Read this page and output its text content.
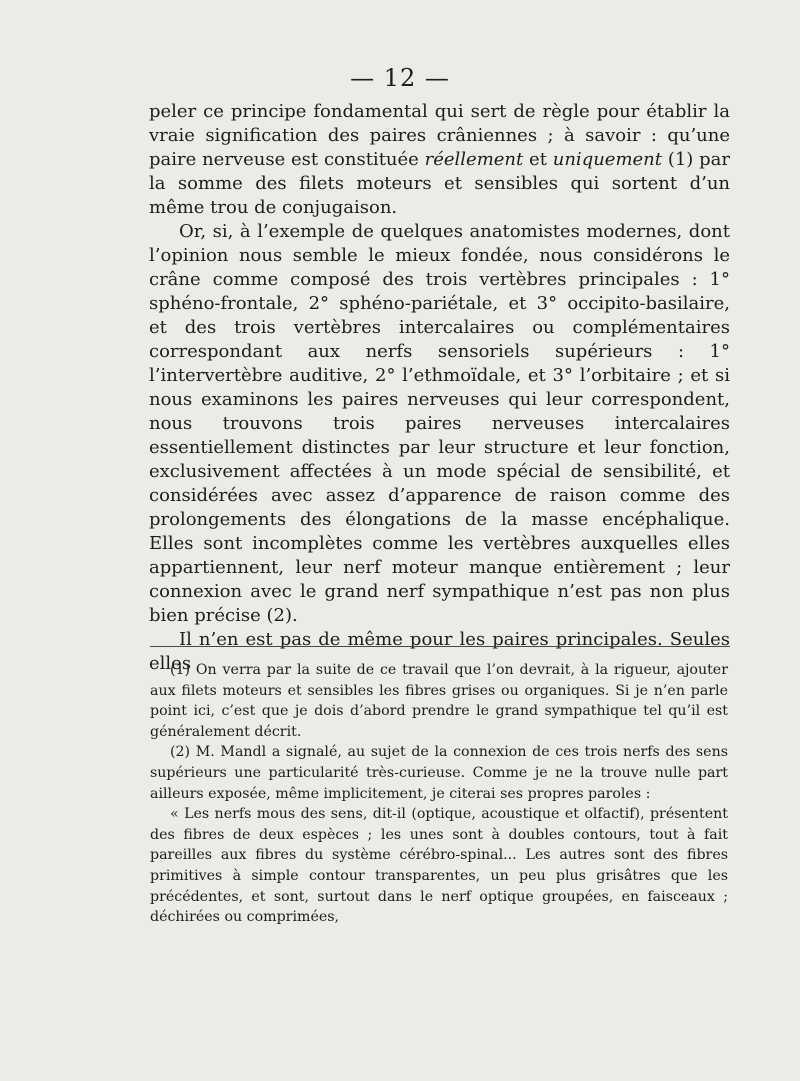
— 12 —

peler ce principe fondamental qui sert de règle pour établir la vraie signification des paires crâniennes ; à savoir : qu’une paire nerveuse est constituée réellement et uniquement (1) par la somme des filets moteurs et sensibles qui sortent d’un même trou de conjugaison.

Or, si, à l’exemple de quelques anatomistes modernes, dont l’opinion nous semble le mieux fondée, nous considérons le crâne comme composé des trois vertèbres principales : 1° sphéno-frontale, 2° sphéno-pariétale, et 3° occipito-basilaire, et des trois vertèbres intercalaires ou complémentaires correspondant aux nerfs sensoriels supérieurs : 1° l’intervertèbre auditive, 2° l’ethmoïdale, et 3° l’orbitaire ; et si nous examinons les paires nerveuses qui leur correspondent, nous trouvons trois paires nerveuses intercalaires essentiellement distinctes par leur structure et leur fonction, exclusivement affectées à un mode spécial de sensibilité, et considérées avec assez d’apparence de raison comme des prolongements des élongations de la masse encéphalique. Elles sont incomplètes comme les vertèbres auxquelles elles appartiennent, leur nerf moteur manque entièrement ; leur connexion avec le grand nerf sympathique n’est pas non plus bien précise (2).

Il n’en est pas de même pour les paires principales. Seules elles

(1) On verra par la suite de ce travail que l’on devrait, à la rigueur, ajouter aux filets moteurs et sensibles les fibres grises ou organiques. Si je n’en parle point ici, c’est que je dois d’abord prendre le grand sympathique tel qu’il est généralement décrit.

(2) M. Mandl a signalé, au sujet de la connexion de ces trois nerfs des sens supérieurs une particularité très-curieuse. Comme je ne la trouve nulle part ailleurs exposée, même implicitement, je citerai ses propres paroles :

« Les nerfs mous des sens, dit-il (optique, acoustique et olfactif), présentent des fibres de deux espèces ; les unes sont à doubles contours, tout à fait pareilles aux fibres du système cérébro-spinal... Les autres sont des fibres primitives à simple contour transparentes, un peu plus grisâtres que les précédentes, et sont, surtout dans le nerf optique groupées, en faisceaux ; déchirées ou comprimées,
